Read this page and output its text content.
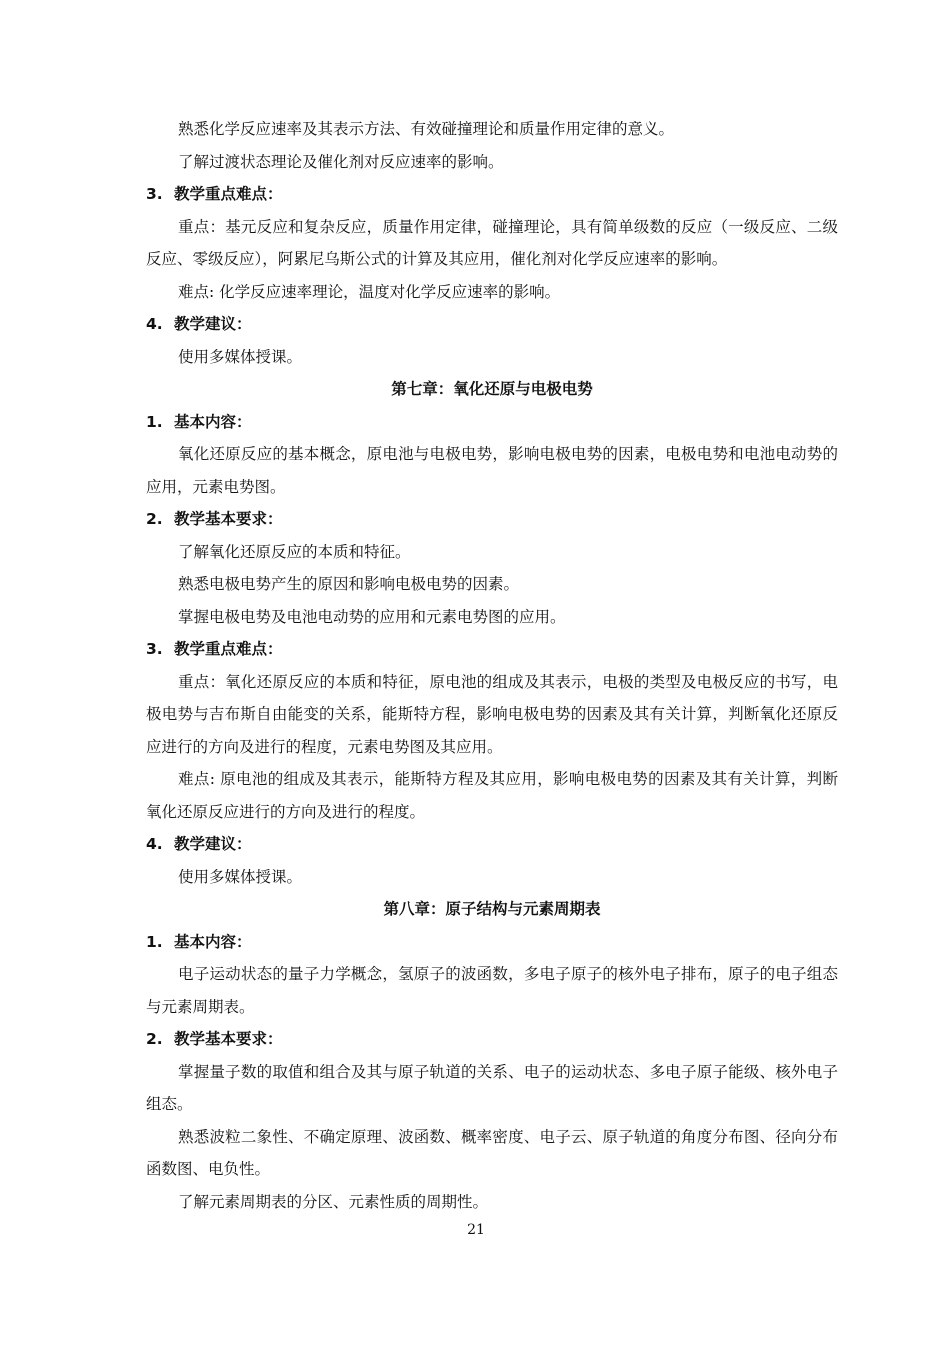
熟悉化学反应速率及其表示方法、有效碰撞理论和质量作用定律的意义。

了解过渡状态理论及催化剂对反应速率的影响。

3. 教学重点难点：

重点：基元反应和复杂反应，质量作用定律，碰撞理论，具有简单级数的反应（一级反应、二级反应、零级反应），阿累尼乌斯公式的计算及其应用，催化剂对化学反应速率的影响。

难点: 化学反应速率理论，温度对化学反应速率的影响。

4. 教学建议：

使用多媒体授课。

第七章：氧化还原与电极电势
1. 基本内容：

氧化还原反应的基本概念，原电池与电极电势，影响电极电势的因素，电极电势和电池电动势的应用，元素电势图。

2. 教学基本要求：

了解氧化还原反应的本质和特征。

熟悉电极电势产生的原因和影响电极电势的因素。

掌握电极电势及电池电动势的应用和元素电势图的应用。

3. 教学重点难点：

重点：氧化还原反应的本质和特征，原电池的组成及其表示，电极的类型及电极反应的书写，电极电势与吉布斯自由能变的关系，能斯特方程，影响电极电势的因素及其有关计算，判断氧化还原反应进行的方向及进行的程度，元素电势图及其应用。

难点: 原电池的组成及其表示，能斯特方程及其应用，影响电极电势的因素及其有关计算，判断氧化还原反应进行的方向及进行的程度。

4. 教学建议：

使用多媒体授课。

第八章：原子结构与元素周期表
1. 基本内容：

电子运动状态的量子力学概念，氢原子的波函数，多电子原子的核外电子排布，原子的电子组态与元素周期表。

2. 教学基本要求：

掌握量子数的取值和组合及其与原子轨道的关系、电子的运动状态、多电子原子能级、核外电子组态。

熟悉波粒二象性、不确定原理、波函数、概率密度、电子云、原子轨道的角度分布图、径向分布函数图、电负性。

了解元素周期表的分区、元素性质的周期性。

21
